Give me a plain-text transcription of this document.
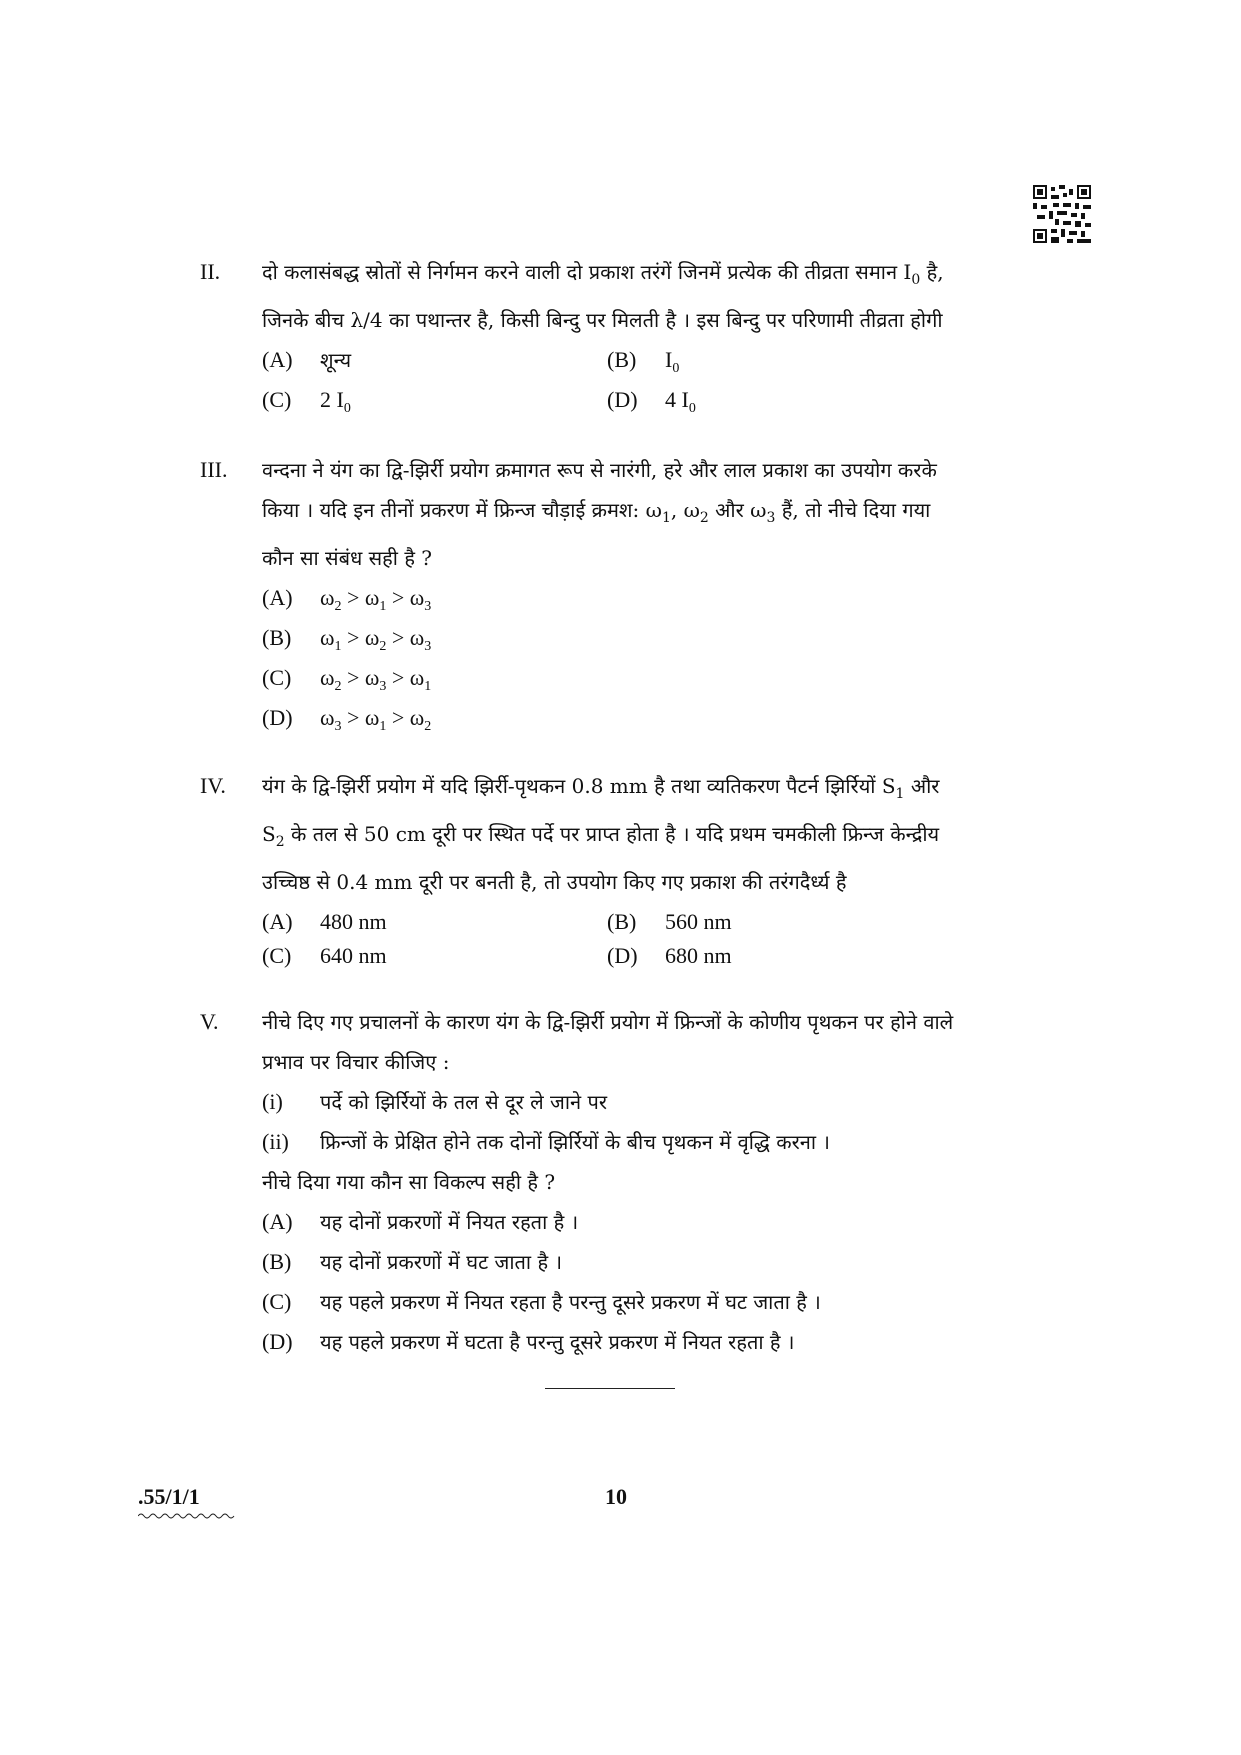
II. दो कलासंबद्ध स्रोतों से निर्गमन करने वाली दो प्रकाश तरंगें जिनमें प्रत्येक की तीव्रता समान $I_0$ है,

जिनके बीच λ/4 का पथान्तर है, किसी बिन्दु पर मिलती है । इस बिन्दु पर परिणामी तीव्रता होगी

(A)	शून्य	(B)	$I_0$
(C)	2 $I_0$	(D)	4 $I_0$
III. वन्दना ने यंग का द्वि-झिर्री प्रयोग क्रमागत रूप से नारंगी, हरे और लाल प्रकाश का उपयोग करके

किया । यदि इन तीनों प्रकरण में फ्रिन्ज चौड़ाई क्रमश: $\omega_1$, $\omega_2$ और $\omega_3$ हैं, तो नीचे दिया गया

कौन सा संबंध सही है ?

(A)	$\omega_2 > \omega_1 > \omega_3$
(B)	$\omega_1 > \omega_2 > \omega_3$
(C)	$\omega_2 > \omega_3 > \omega_1$
(D)	$\omega_3 > \omega_1 > \omega_2$
IV. यंग के द्वि-झिर्री प्रयोग में यदि झिर्री-पृथकन 0.8 mm है तथा व्यतिकरण पैटर्न झिर्रियों $S_1$ और

$S_2$ के तल से 50 cm दूरी पर स्थित पर्दे पर प्राप्त होता है । यदि प्रथम चमकीली फ्रिन्ज केन्द्रीय

उच्चिष्ठ से 0.4 mm दूरी पर बनती है, तो उपयोग किए गए प्रकाश की तरंगदैर्ध्य है

(A)	480 nm	(B)	560 nm
(C)	640 nm	(D)	680 nm
V. नीचे दिए गए प्रचालनों के कारण यंग के द्वि-झिर्री प्रयोग में फ्रिन्जों के कोणीय पृथकन पर होने वाले

प्रभाव पर विचार कीजिए :

(i)	पर्दे को झिर्रियों के तल से दूर ले जाने पर
(ii)	फ्रिन्जों के प्रेक्षित होने तक दोनों झिर्रियों के बीच पृथकन में वृद्धि करना ।

नीचे दिया गया कौन सा विकल्प सही है ?

(A)	यह दोनों प्रकरणों में नियत रहता है ।
(B)	यह दोनों प्रकरणों में घट जाता है ।
(C)	यह पहले प्रकरण में नियत रहता है परन्तु दूसरे प्रकरण में घट जाता है ।
(D)	यह पहले प्रकरण में घटता है परन्तु दूसरे प्रकरण में नियत रहता है ।
.55/1/1	10
